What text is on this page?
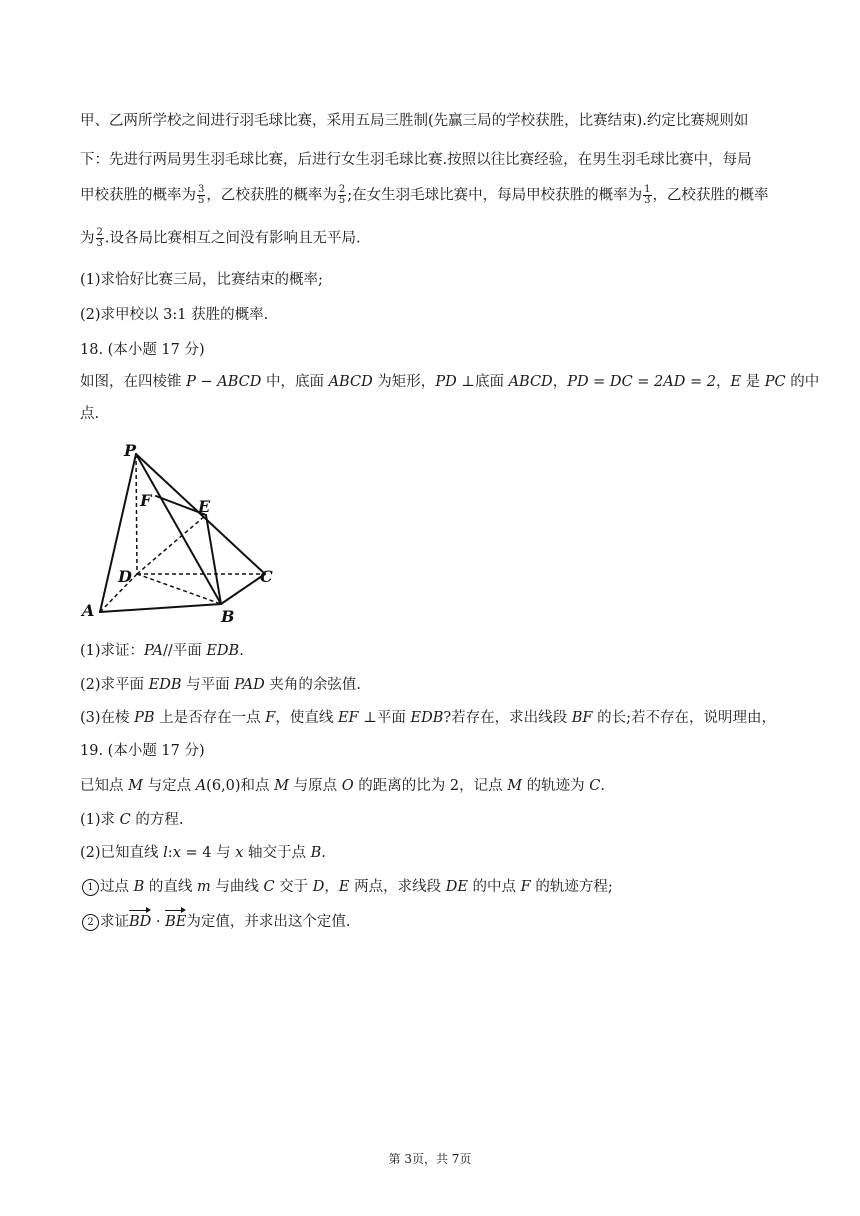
甲、乙两所学校之间进行羽毛球比赛，采用五局三胜制(先赢三局的学校获胜，比赛结束).约定比赛规则如
下：先进行两局男生羽毛球比赛，后进行女生羽毛球比赛.按照以往比赛经验，在男生羽毛球比赛中，每局
甲校获胜的概率为 $\frac{3}{5}$ ，乙校获胜的概率为 $\frac{2}{5}$ ;在女生羽毛球比赛中，每局甲校获胜的概率为 $\frac{1}{3}$ ，乙校获胜的概率
为 $\frac{2}{3}$ .设各局比赛相互之间没有影响且无平局.
(1)求恰好比赛三局，比赛结束的概率;
(2)求甲校以 3:1 获胜的概率.
18. (本小题 17 分)
如图，在四棱锥 P − ABCD 中，底面 ABCD 为矩形，PD ⊥底面 ABCD，PD = DC = 2AD = 2，E 是 PC 的中
点.
P
F	E
D	C
A	B
(1)求证：PA//平面 EDB.
(2)求平面 EDB 与平面 PAD 夹角的余弦值.
(3)在棱 PB 上是否存在一点 F，使直线 EF ⊥平面 EDB?若存在，求出线段 BF 的长;若不存在，说明理由，
19. (本小题 17 分)
已知点 M 与定点 A(6,0)和点 M 与原点 O 的距离的比为 2，记点 M 的轨迹为 C.
(1)求 C 的方程.
(2)已知直线 l:x = 4 与 x 轴交于点 B.
1 过点 B 的直线 m 与曲线 C 交于 D，E 两点，求线段 DE 的中点 F 的轨迹方程;
2 求证BD · BE为定值，并求出这个定值.
第 3页，共 7页
